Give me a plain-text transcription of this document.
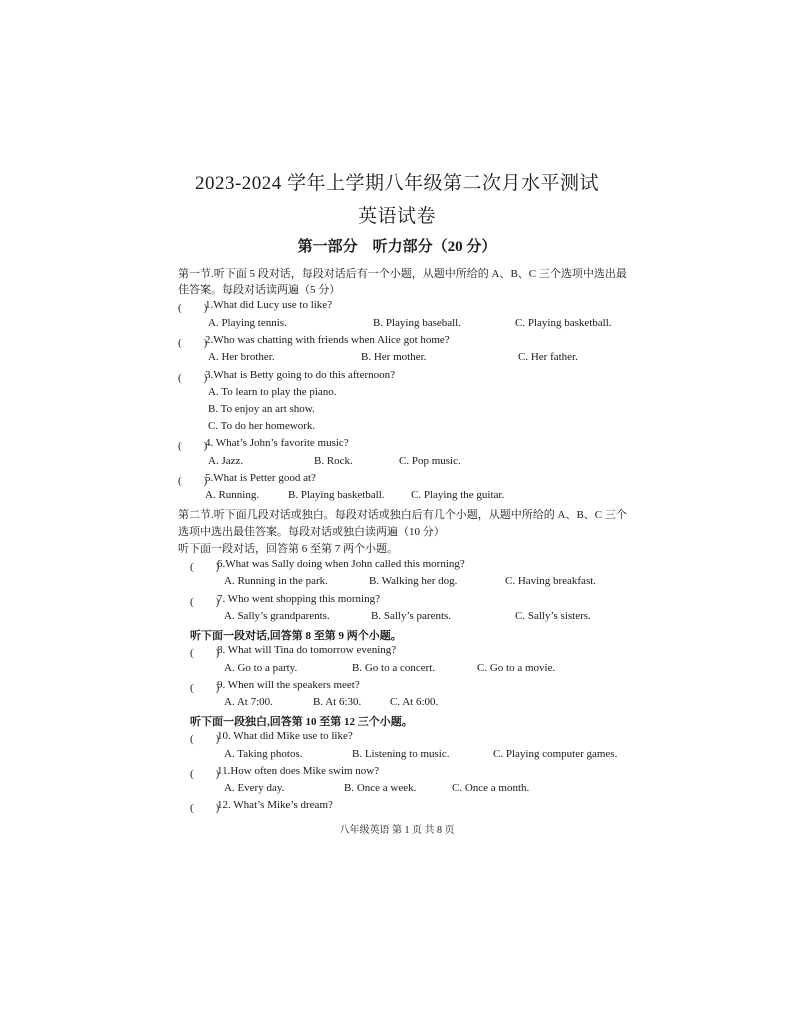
2023-2024 学年上学期八年级第二次月水平测试
英语试卷
第一部分　听力部分（20 分）
第一节.听下面 5 段对话，每段对话后有一个小题，从题中所给的 A、B、C 三个选项中选出最
佳答案。每段对话读两遍（5 分）
(　　)
1.What did Lucy use to like?
A. Playing tennis.	B. Playing baseball.	C. Playing basketball.
(　　)
2.Who was chatting with friends when Alice got home?
A. Her brother.	B. Her mother.	C. Her father.
(　　)
3.What is Betty going to do this afternoon?
A. To learn to play the piano.
B. To enjoy an art show.
C. To do her homework.
(　　)
4. What’s John’s favorite music?
A. Jazz.	B. Rock.	C. Pop music.
(　　)
5.What is Petter good at?
A. Running.	B. Playing basketball. C. Playing the guitar.
第二节.听下面几段对话或独白。每段对话或独白后有几个小题，从题中所给的 A、B、C 三个
选项中选出最佳答案。每段对话或独白读两遍（10 分）
听下面一段对话，回答第 6 至第 7 两个小题。
(　　)
6.What was Sally doing when John called this morning?
A. Running in the park.	B. Walking her dog.	C. Having breakfast.
(　　)
7. Who went shopping this morning?
A. Sally’s grandparents.	B. Sally’s parents.	C. Sally’s sisters.
听下面一段对话,回答第 8 至第 9 两个小题。
(　　)
8. What will Tina do tomorrow evening?
A. Go to a party.	B. Go to a concert.	C. Go to a movie.
(　　)
9. When will the speakers meet?
A. At 7:00.	B. At 6:30.	C. At 6:00.
听下面一段独白,回答第 10 至第 12 三个小题。
(　　)
10. What did Mike use to like?
A. Taking photos.	B. Listening to music.	C. Playing computer games.
(　　)
11.How often does Mike swim now?
A. Every day.	B. Once a week.	C. Once a month.
(　　)
12. What’s Mike’s dream?
八年级英语 第 1 页 共 8 页
